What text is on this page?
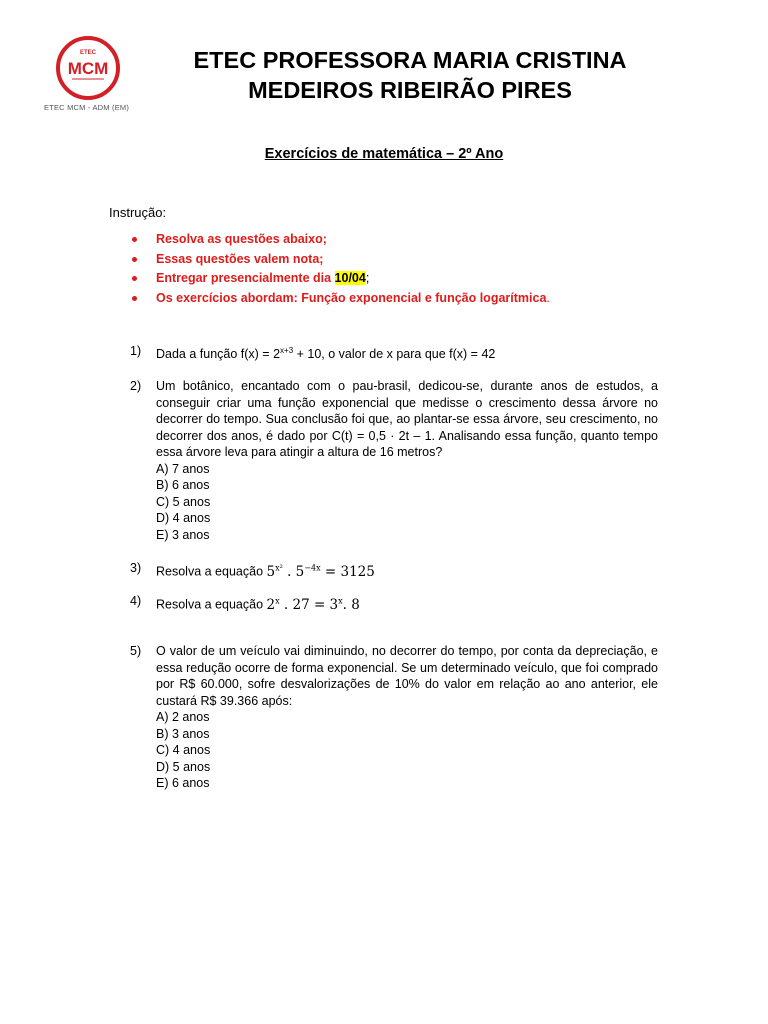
ETEC
MCM
ETEC MCM - ADM (EM)
ETEC PROFESSORA MARIA CRISTINA
MEDEIROS RIBEIRÃO PIRES
Exercícios de matemática – 2º Ano
Instrução:
Resolva as questões abaixo;
Essas questões valem nota;
Entregar presencialmente dia 10/04;
Os exercícios abordam: Função exponencial e função logarítmica.
1) Dada a função $f(x) = 2^{x+3} + 10$, o valor de x para que f(x) = 42
2) Um botânico, encantado com o pau-brasil, dedicou-se, durante anos de estudos, a conseguir criar uma função exponencial que medisse o crescimento dessa árvore no decorrer do tempo. Sua conclusão foi que, ao plantar-se essa árvore, seu crescimento, no decorrer dos anos, é dado por C(t) = 0,5 · 2t – 1. Analisando essa função, quanto tempo essa árvore leva para atingir a altura de 16 metros?
A) 7 anos
B) 6 anos
C) 5 anos
D) 4 anos
E) 3 anos
3) Resolva a equação $5^{x^2}$ . $5^{-4x} = 3125$
4) Resolva a equação 2$^x$ . $27 = 3^x$. 8
5) O valor de um veículo vai diminuindo, no decorrer do tempo, por conta da depreciação, e essa redução ocorre de forma exponencial. Se um determinado veículo, que foi comprado por R$ 60.000, sofre desvalorizações de 10% do valor em relação ao ano anterior, ele custará R$ 39.366 após:
A) 2 anos
B) 3 anos
C) 4 anos
D) 5 anos
E) 6 anos
